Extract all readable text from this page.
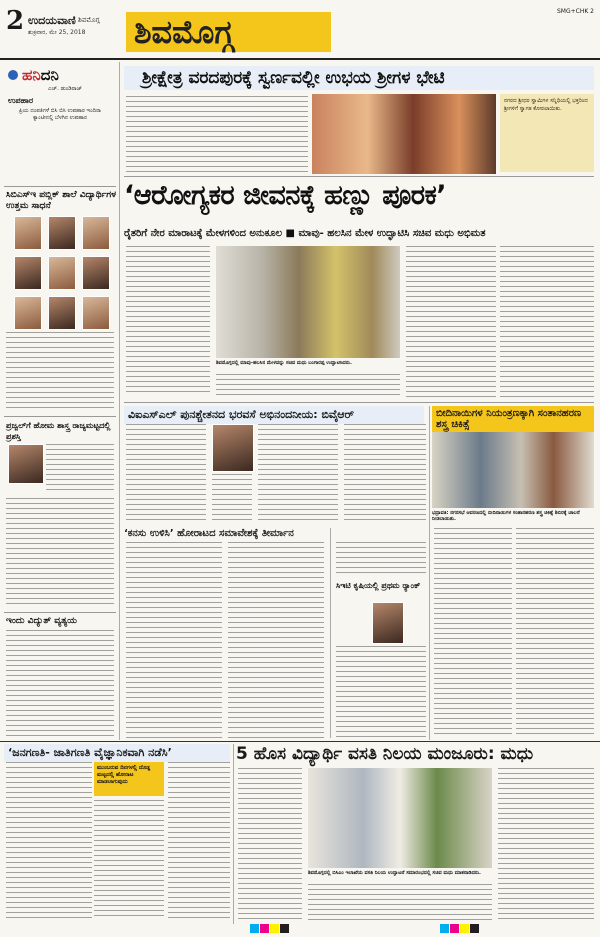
2 ಉದಯವಾಣಿ ಶಿವಮೊಗ್ಗ
ಶುಕ್ರವಾರ, ಮೇ 25, 2018 ಶಿವಮೊಗ್ಗ
SMG+CHK 2
ಹನಿದನಿ
ಎಚ್. ಡುಂಡಿರಾಜ್
ಉಪಹಾರ
ಪ್ರಿಯ ದಂಪತಿಗಳೆ ಬಿಸಿ ಬಿಸಿ ಉಪಹಾರ ಇಂದಿರಾ ಕ್ಯಾಂಟೀನಲ್ಲಿ ಬೆಳಗಿನ ಉಪಹಾರ
ಸಿಬಿಎಸ್‌ಇ ಪಬ್ಲಿಕ್ ಶಾಲೆ ವಿದ್ಯಾರ್ಥಿಗಳ ಉತ್ತಮ ಸಾಧನೆ
ಪ್ರಜ್ವಲ್‌ಗೆ ಹೋಮ ಶಾಸ್ತ್ರ ರಾಜ್ಯಮಟ್ಟದಲ್ಲಿ ಪ್ರಶಸ್ತಿ
ಇಂದು ವಿದ್ಯುತ್ ವ್ಯತ್ಯಯ
ಶ್ರೀಕ್ಷೇತ್ರ ವರದಪುರಕ್ಕೆ ಸ್ವರ್ಣವಲ್ಲೀ ಉಭಯ ಶ್ರೀಗಳ ಭೇಟಿ
ನಗರದ ಶ್ರೀಧರ ಸ್ವಾಮಿಗಳ ಸನ್ನಿಧಿಯಲ್ಲಿ ಭಕ್ತರಿಂದ ಶ್ರೀಗಳಿಗೆ ಸ್ವಾಗತ ಕೋರಲಾಯಿತು.
‘ಆರೋಗ್ಯಕರ ಜೀವನಕ್ಕೆ ಹಣ್ಣು ಪೂರಕ’
ರೈತರಿಗೆ ನೇರ ಮಾರಾಟಕ್ಕೆ ಮೇಳಗಳಿಂದ ಅನುಕೂಲ ■ ಮಾವು- ಹಲಸಿನ ಮೇಳ ಉದ್ಘಾಟಿಸಿ ಸಚಿವ ಮಧು ಅಭಿಮತ
ಶಿವಮೊಗ್ಗದಲ್ಲಿ ಮಾವು-ಹಲಸಿನ ಮೇಳವನ್ನು ಸಚಿವ ಮಧು ಬಂಗಾರಪ್ಪ ಉದ್ಘಾಟಿಸಿದರು.
ವಿಐಎಸ್‌ಎಲ್ ಪುನಶ್ಚೇತನದ ಭರವಸೆ ಅಭಿನಂದನೀಯ: ಬಿವೈಆರ್
‘ಕನಸು ಉಳಿಸಿ’ ಹೋರಾಟದ ಸಮಾವೇಶಕ್ಕೆ ತೀರ್ಮಾನ
ಸಿಇಟಿ ಕೃಷಿಯಲ್ಲಿ ಪ್ರಥಮ ರ್‍ಯಾಂಕ್
ಬೀದಿನಾಯಿಗಳ ನಿಯಂತ್ರಣಕ್ಕಾಗಿ ಸಂತಾನಹರಣ ಶಸ್ತ್ರ ಚಿಕಿತ್ಸೆ
ಭದ್ರಾವತಿ: ನಗರಸಭೆ ಆವರಣದಲ್ಲಿ ಬೀದಿನಾಯಿಗಳ ಸಂತಾನಹರಣ ಶಸ್ತ್ರ ಚಿಕಿತ್ಸೆ ಶಿಬಿರಕ್ಕೆ ಚಾಲನೆ ನೀಡಲಾಯಿತು.
‘ಜನಗಣತಿ- ಜಾತಿಗಣತಿ ವೈಜ್ಞಾನಿಕವಾಗಿ ನಡೆಸಿ’
ಮುಂಬರುವ ದಿನಗಳಲ್ಲಿ ದೊಡ್ಡ ಮಟ್ಟದಲ್ಲಿ ಹೋರಾಟ ಮಾಡಲಾಗುವುದು
5 ಹೊಸ ವಿದ್ಯಾರ್ಥಿ ವಸತಿ ನಿಲಯ ಮಂಜೂರು: ಮಧು
ಶಿವಮೊಗ್ಗದಲ್ಲಿ ಬಿಸಿಎಂ ಇಲಾಖೆಯ ವಸತಿ ನಿಲಯ ಉದ್ಘಾಟನೆ ಸಮಾರಂಭದಲ್ಲಿ ಸಚಿವ ಮಧು ಮಾತನಾಡಿದರು.
